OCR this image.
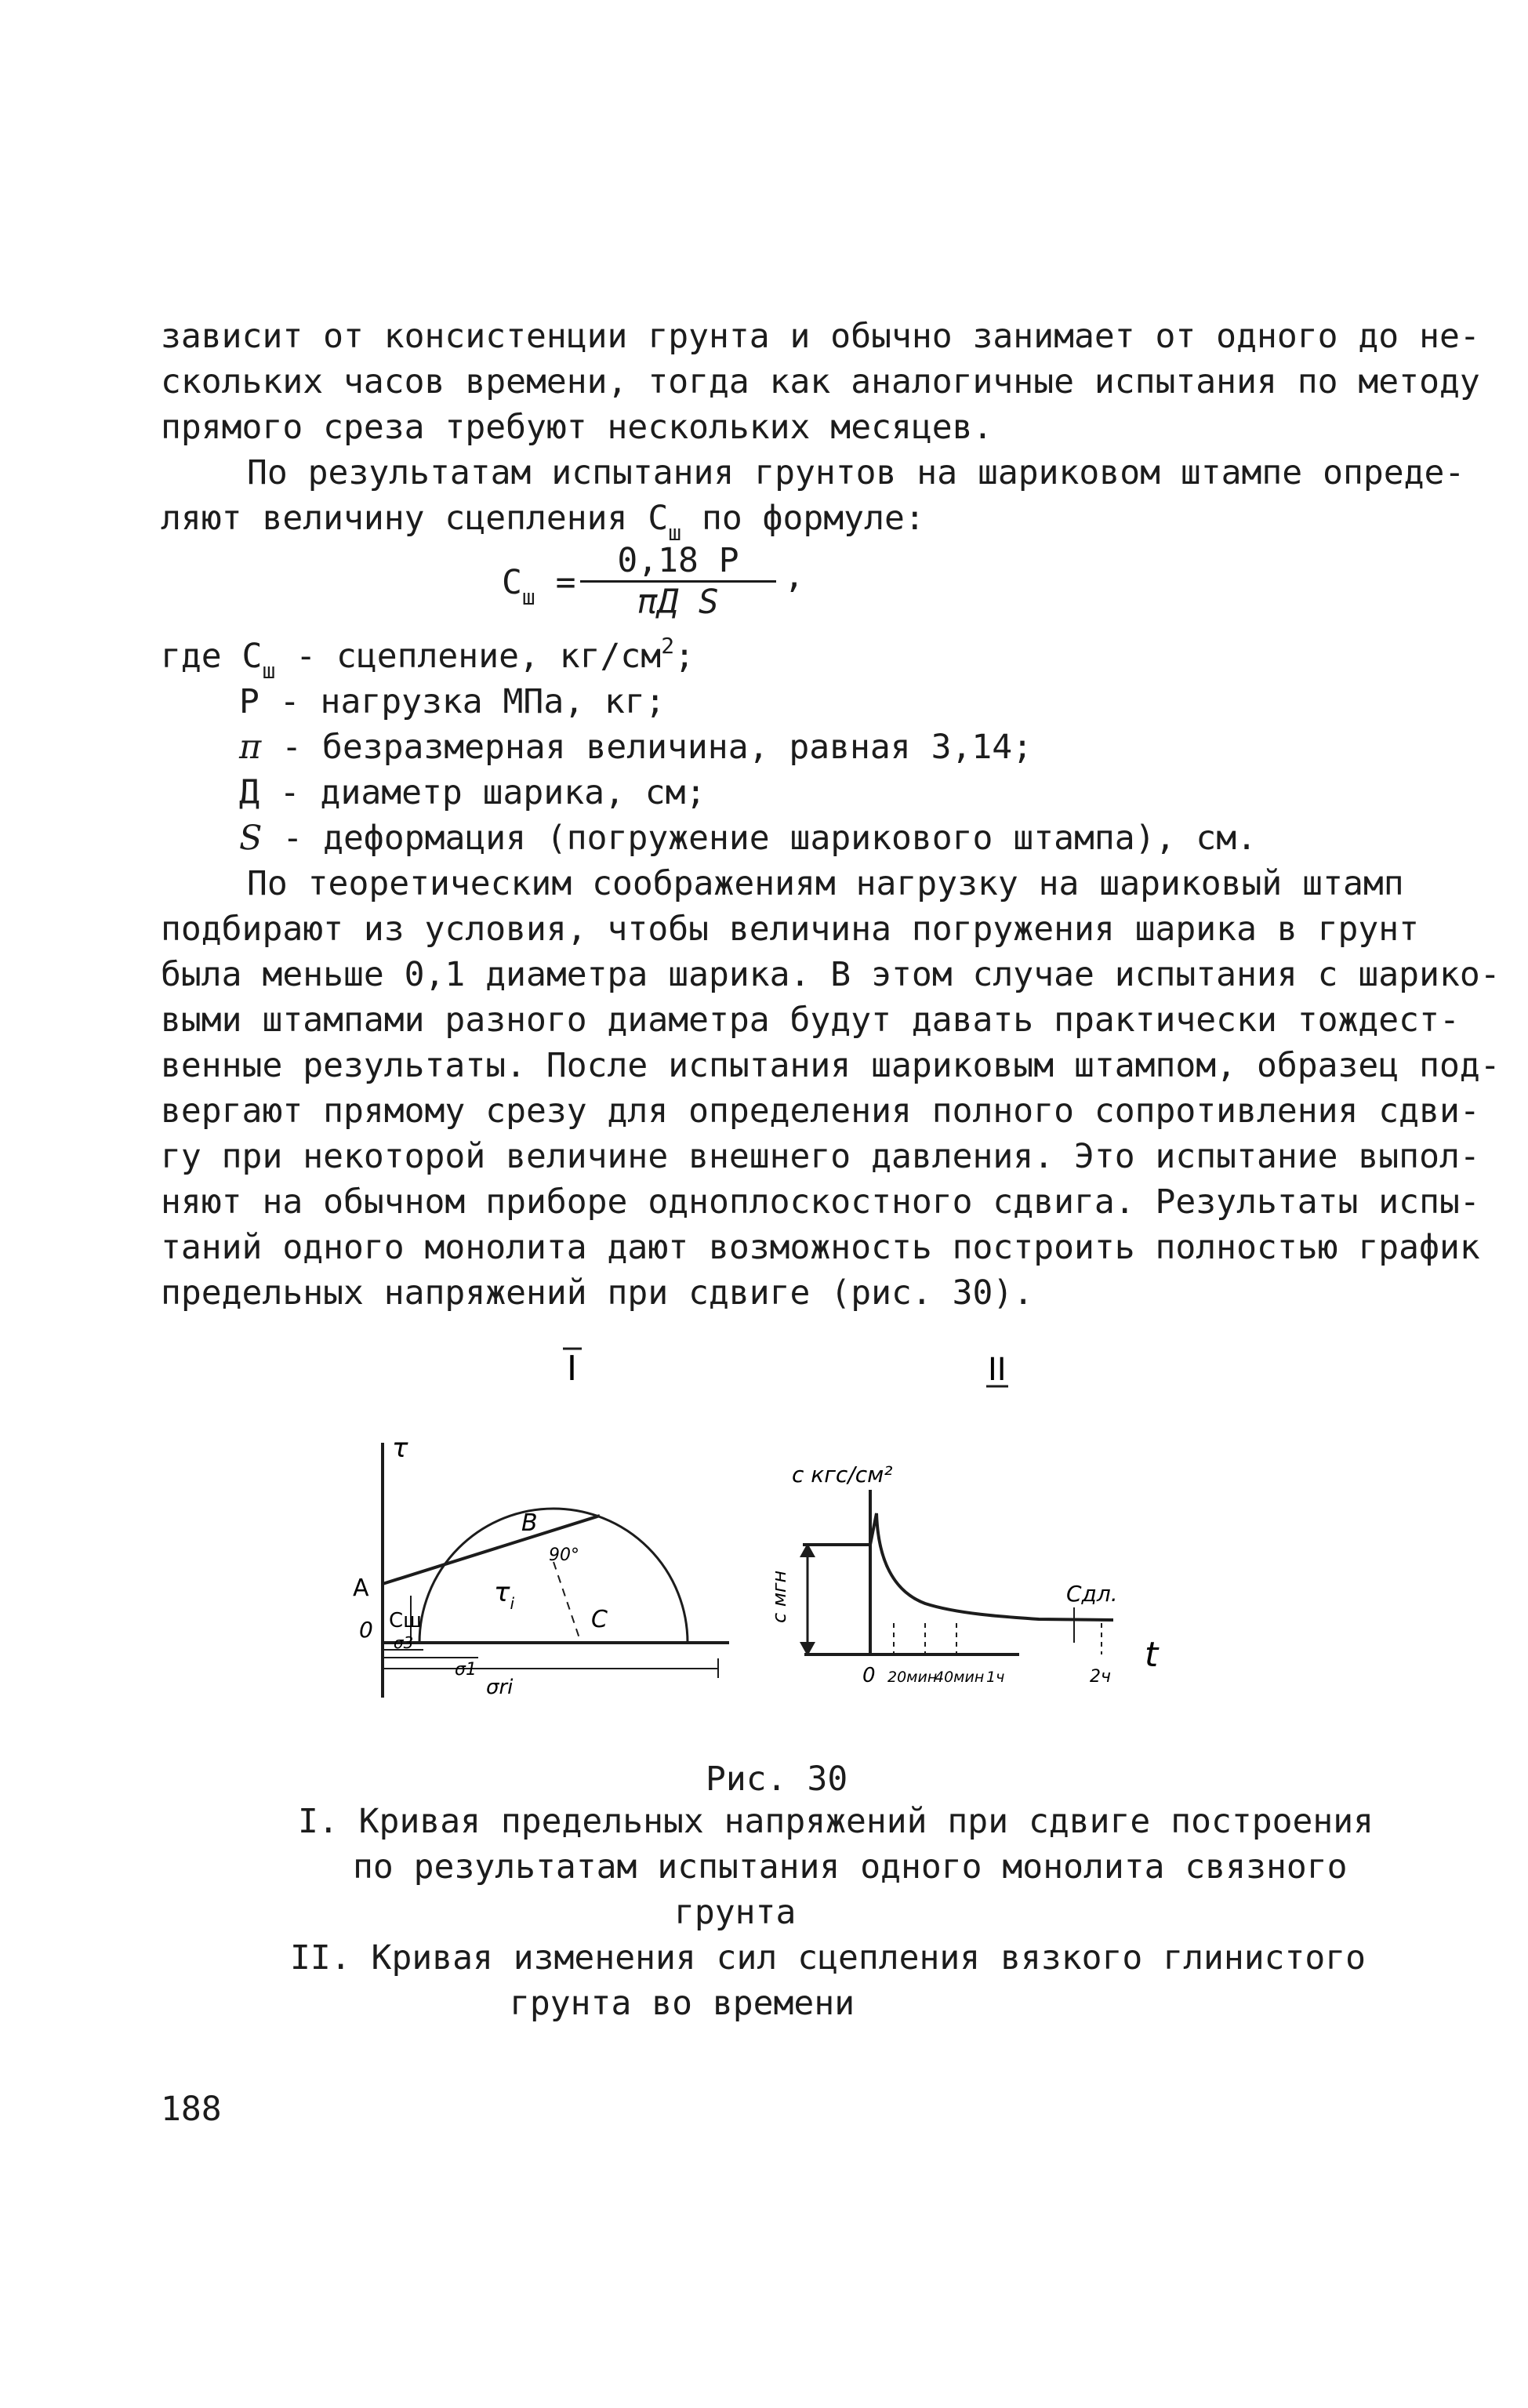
зависит от консистенции грунта и обычно занимает от одного до не-
скольких часов времени, тогда как аналогичные испытания по методу
прямого среза требуют нескольких месяцев.
По результатам испытания грунтов на шариковом штампе опреде-
ляют величину сцепления $С_ш$ по формуле:
$С_ш$ =
0,18 P
πД S
,
где $С_ш$ - сцепление, $кг/см^2$;
Р - нагрузка МПа, кг;
π - безразмерная величина, равная 3,14;
Д - диаметр шарика, см;
S - деформация (погружение шарикового штампа), см.
По теоретическим соображениям нагрузку на шариковый штамп
подбирают из условия, чтобы величина погружения шарика в грунт
была меньше 0,1 диаметра шарика. В этом случае испытания с шарико-
выми штампами разного диаметра будут давать практически тождест-
венные результаты. После испытания шариковым штампом, образец под-
вергают прямому срезу для определения полного сопротивления сдви-
гу при некоторой величине внешнего давления. Это испытание выпол-
няют на обычном приборе одноплоскостного сдвига. Результаты испы-
таний одного монолита дают возможность построить полностью график
предельных напряжений при сдвиге (рис. 30).
I	II
τ
A
B
C
0
90°
Сш
$\tau_i$
σ3
σ1
σri
с кгс/см²
с мгн	Сдл.
0 20мин
40мин 1ч	2ч
t
Рис. 30
I. Кривая предельных напряжений при сдвиге построения
по результатам испытания одного монолита связного
грунта
II. Кривая изменения сил сцепления вязкого глинистого
грунта во времени
188
